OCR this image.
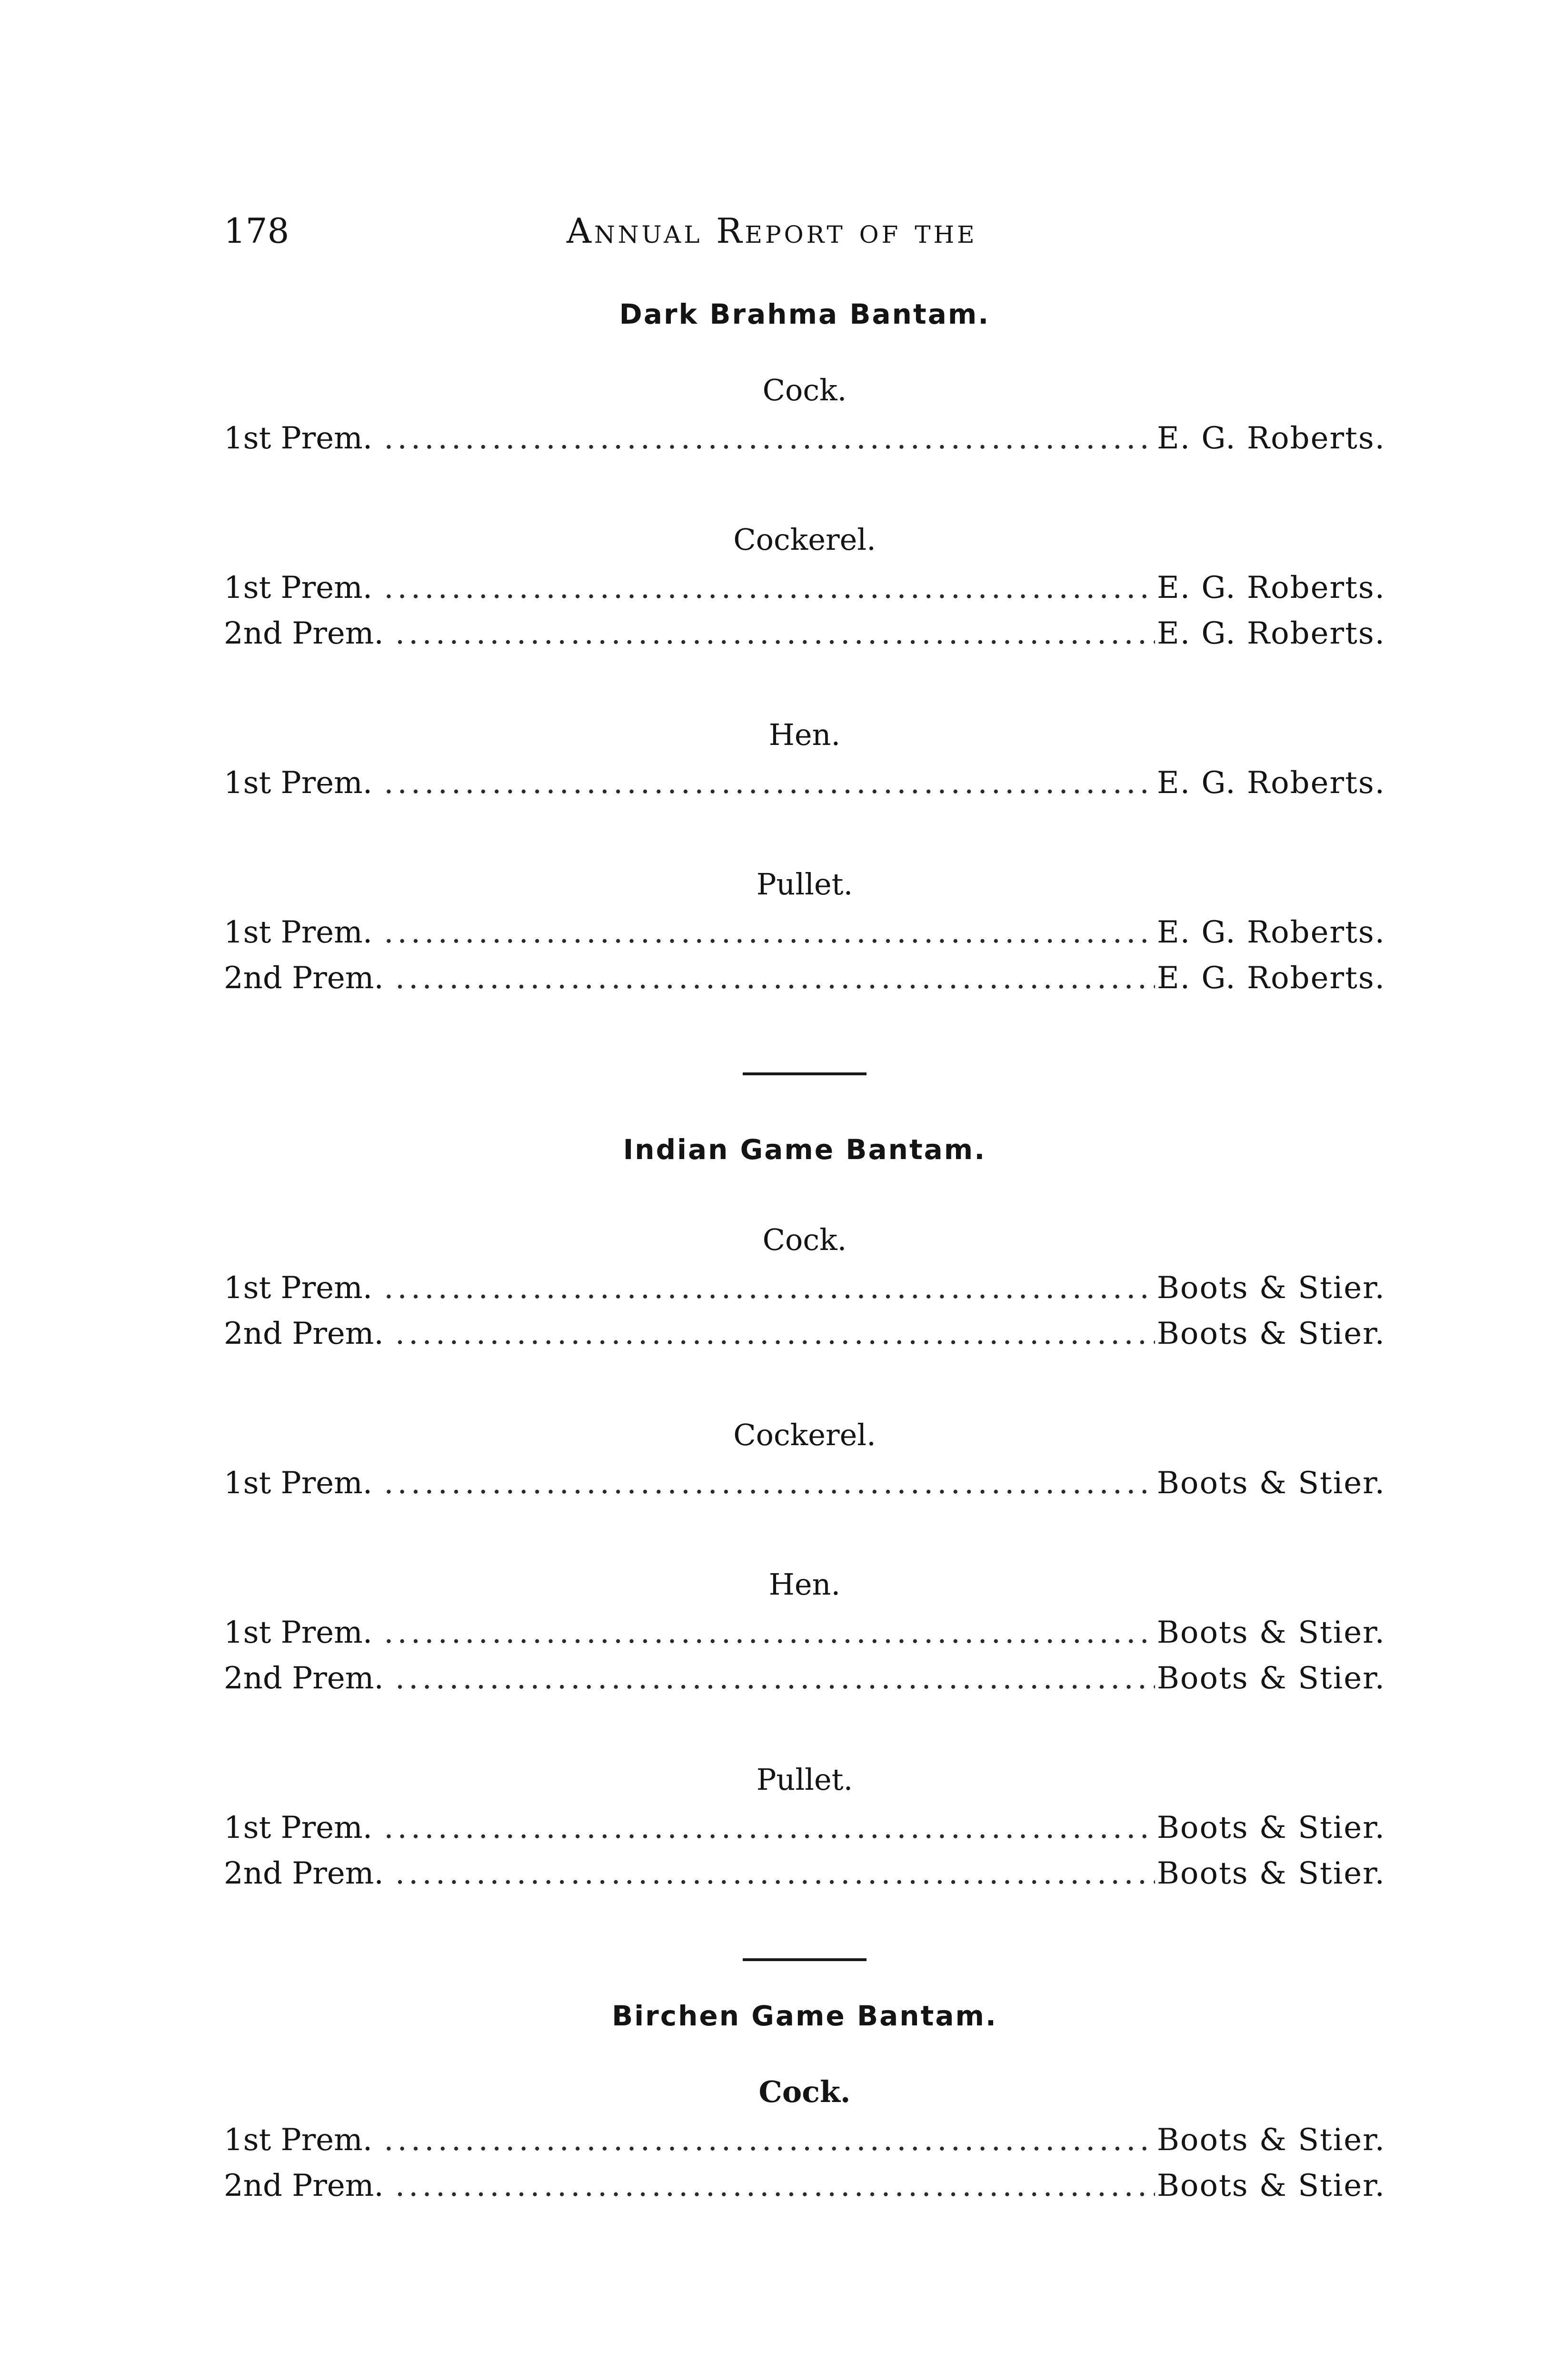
178	Annual Report of the
Dark Brahma Bantam.
Cock.
1st Prem. .....	E. G. Roberts.
Cockerel.
1st Prem. .....	E. G. Roberts.
2nd Prem. .....	E. G. Roberts.
Hen.
1st Prem. .....	E. G. Roberts.
Pullet.
1st Prem. .....	E. G. Roberts.
2nd Prem. .....	E. G. Roberts.
Indian Game Bantam.
Cock.
1st Prem. .....	Boots & Stier.
2nd Prem. .....	Boots & Stier.
Cockerel.
1st Prem. .....	Boots & Stier.
Hen.
1st Prem. .....	Boots & Stier.
2nd Prem. .....	Boots & Stier.
Pullet.
1st Prem. .....	Boots & Stier.
2nd Prem. .....	Boots & Stier.
Birchen Game Bantam.
Cock.
1st Prem. .....	Boots & Stier.
2nd Prem. .....	Boots & Stier.
